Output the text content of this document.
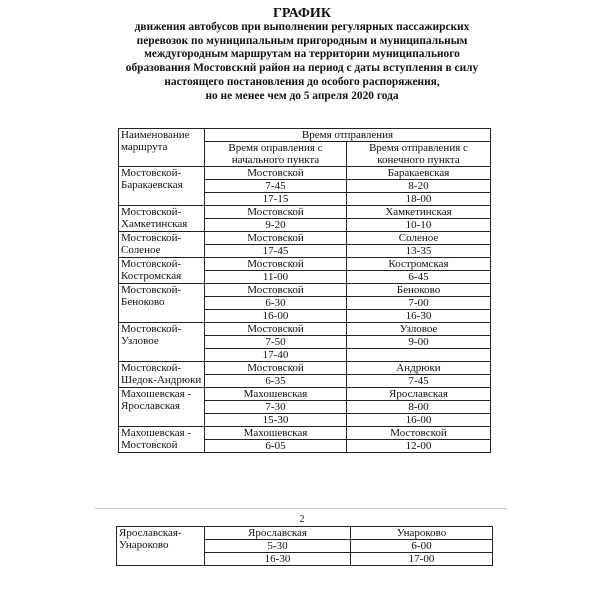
ГРАФИК
движения автобусов при выполнении регулярных пассажирских
перевозок по муниципальным пригородным и муниципальным
междугородным маршрутам на территории муниципального
образования Мостовский район на период с даты вступления в силу
настоящего постановления до особого распоряжения,
но не менее чем до 5 апреля 2020 года
Наименование маршрута	Время отправления	
	Время оправления с начального пункта	Время отправления с конечного пункта
Мостовской-Баракаевская	Мостовской	Баракаевская
	7-45	8-20
	17-15	18-00
Мостовской-Хамкетинская	Мостовской	Хамкетинская
	9-20	10-10
Мостовской-Соленое	Мостовской	Соленое
	17-45	13-35
Мостовской-Костромская	Мостовской	Костромская
	11-00	6-45
Мостовской-Беноково	Мостовской	Беноково
	6-30	7-00
	16-00	16-30
Мостовской-Узловое	Мостовской	Узловое
	7-50	9-00
	17-40	
Мостовской-Шедок-Андрюки	Мостовской	Андрюки
	6-35	7-45
Махошевская - Ярославская	Махошевская	Ярославская
	7-30	8-00
	15-30	16-00
Махошевская - Мостовской	Махошевская	Мостовской
	6-05	12-00
2
Ярославская-Унароково	Ярославская	Унароково
	5-30	6-00
	16-30	17-00
